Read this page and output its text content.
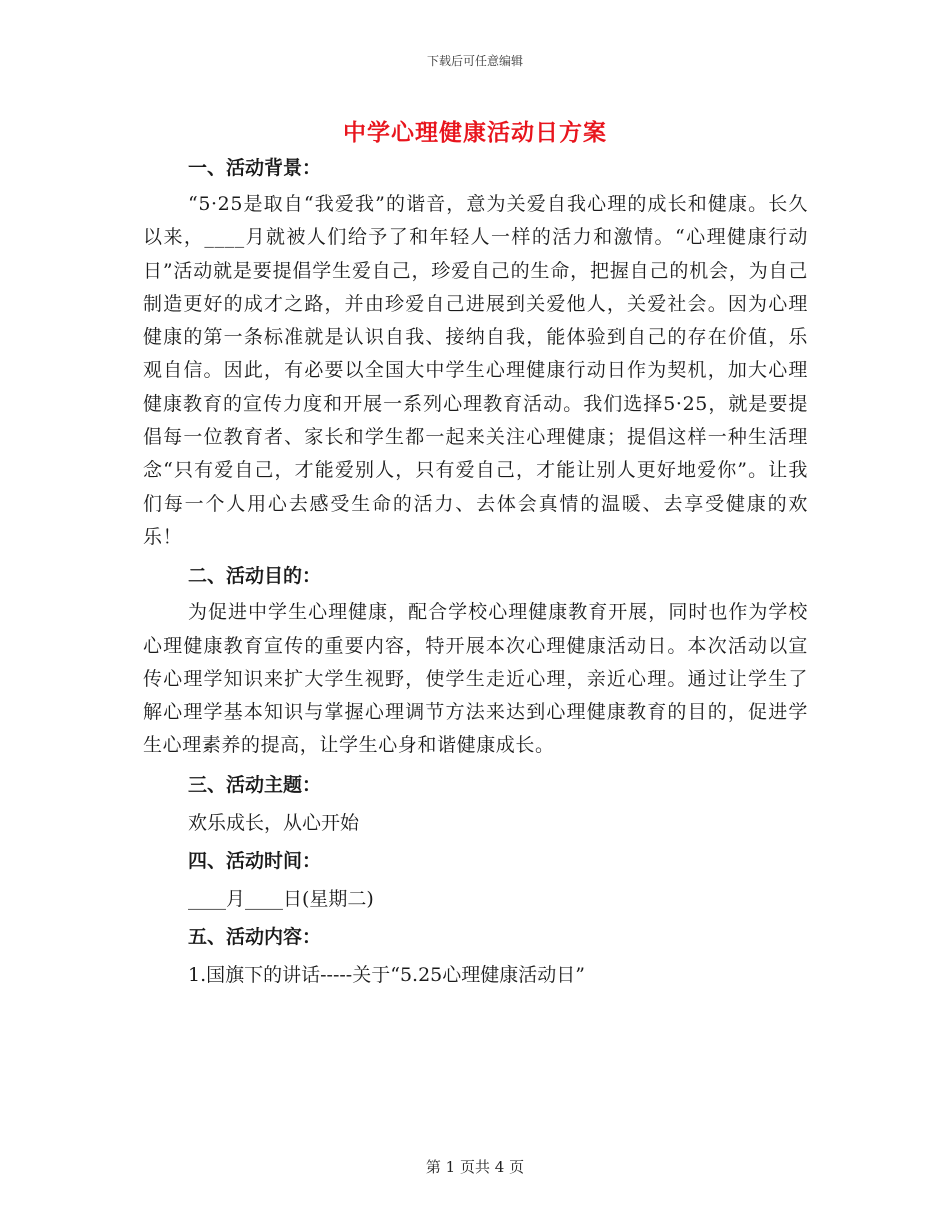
下载后可任意编辑
中学心理健康活动日方案
一、活动背景：

“5·25是取自“我爱我”的谐音，意为关爱自我心理的成长和健康。长久以来，____月就被人们给予了和年轻人一样的活力和激情。“心理健康行动日”活动就是要提倡学生爱自己，珍爱自己的生命，把握自己的机会，为自己制造更好的成才之路，并由珍爱自己进展到关爱他人，关爱社会。因为心理健康的第一条标准就是认识自我、接纳自我，能体验到自己的存在价值，乐观自信。因此，有必要以全国大中学生心理健康行动日作为契机，加大心理健康教育的宣传力度和开展一系列心理教育活动。我们选择5·25，就是要提倡每一位教育者、家长和学生都一起来关注心理健康；提倡这样一种生活理念“只有爱自己，才能爱别人，只有爱自己，才能让别人更好地爱你”。让我们每一个人用心去感受生命的活力、去体会真情的温暖、去享受健康的欢乐！

二、活动目的：

为促进中学生心理健康，配合学校心理健康教育开展，同时也作为学校心理健康教育宣传的重要内容，特开展本次心理健康活动日。本次活动以宣传心理学知识来扩大学生视野，使学生走近心理，亲近心理。通过让学生了解心理学基本知识与掌握心理调节方法来达到心理健康教育的目的，促进学生心理素养的提高，让学生心身和谐健康成长。

三、活动主题：
欢乐成长，从心开始
四、活动时间：
____月____日(星期二)
五、活动内容：
1.国旗下的讲话-----关于“5.25心理健康活动日”
第 1 页共 4 页
